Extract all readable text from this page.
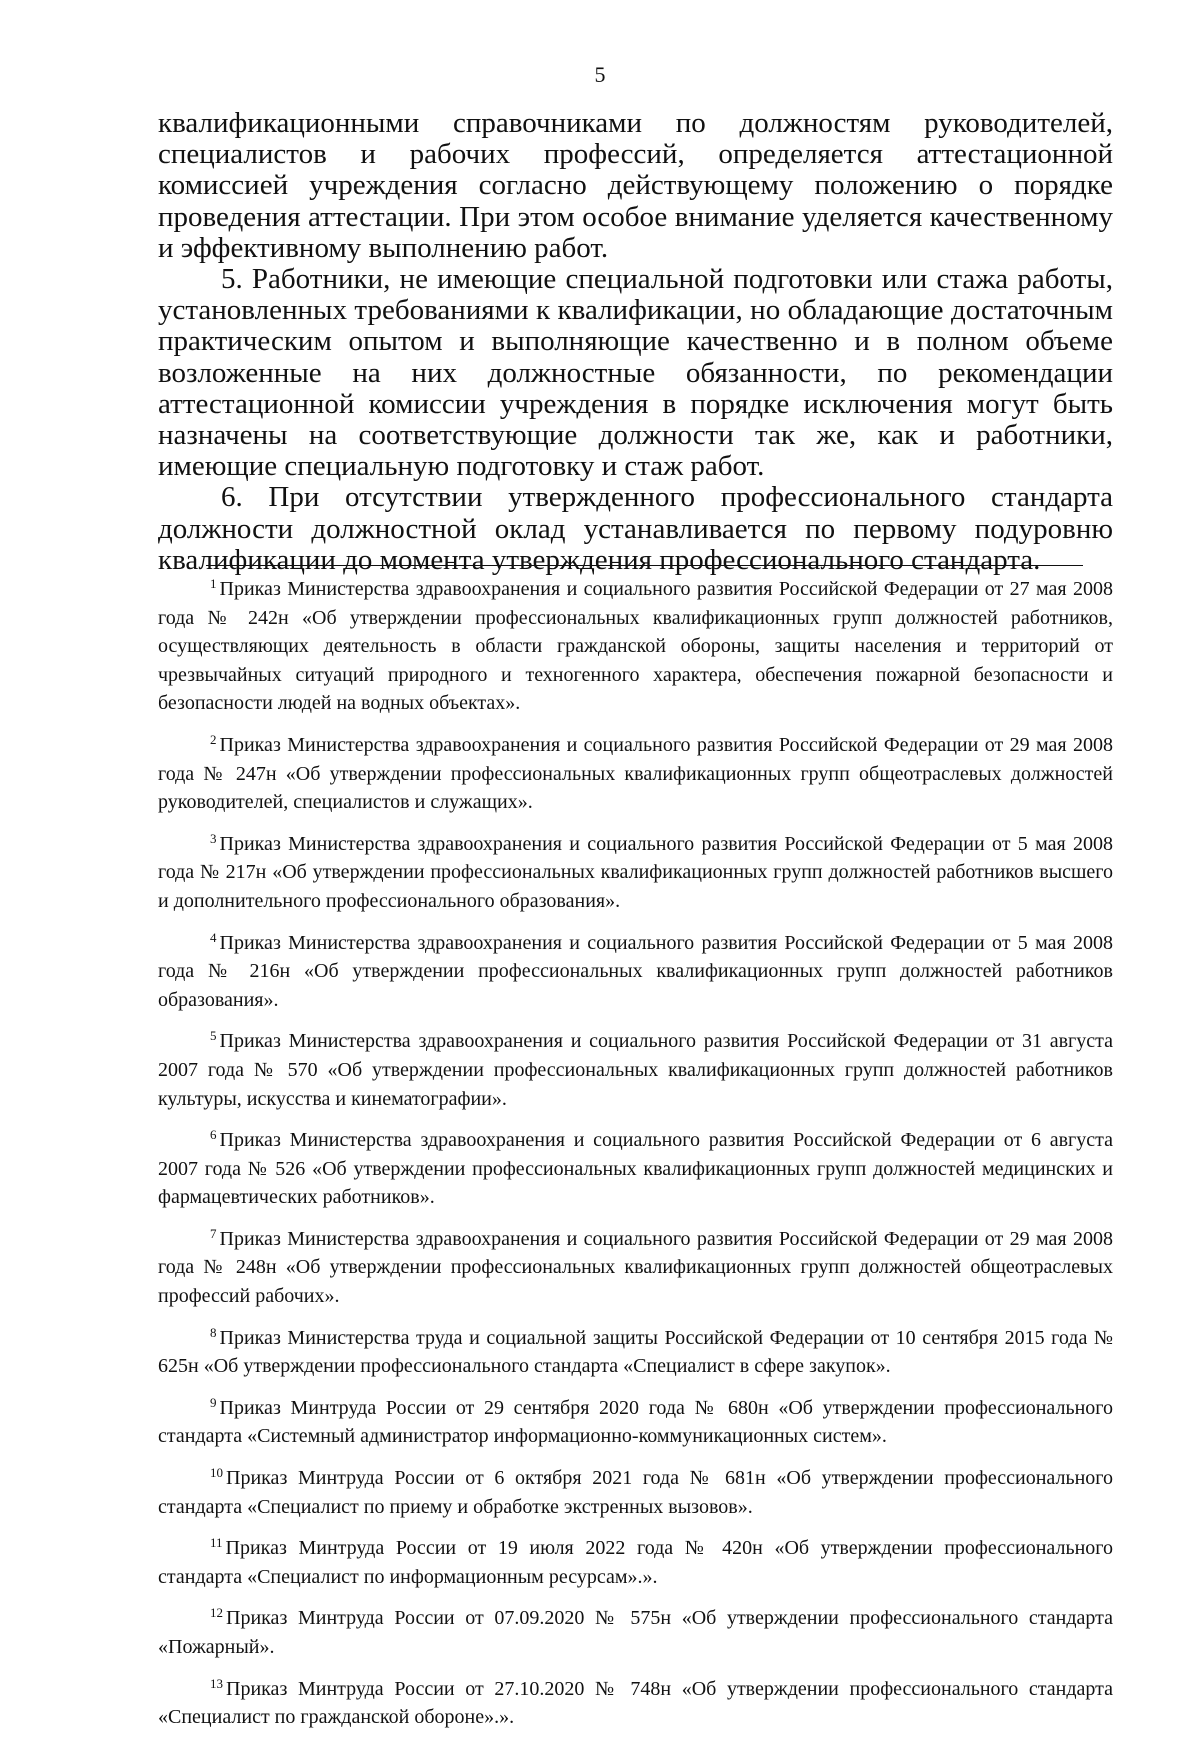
5

квалификационными справочниками по должностям руководителей, специалистов и рабочих профессий, определяется аттестационной комиссией учреждения согласно действующему положению о порядке проведения аттестации. При этом особое внимание уделяется качественному и эффективному выполнению работ.

5. Работники, не имеющие специальной подготовки или стажа работы, установленных требованиями к квалификации, но обладающие достаточным практическим опытом и выполняющие качественно и в полном объеме возложенные на них должностные обязанности, по рекомендации аттестационной комиссии учреждения в порядке исключения могут быть назначены на соответствующие должности так же, как и работники, имеющие специальную подготовку и стаж работ.

6. При отсутствии утвержденного профессионального стандарта должности должностной оклад устанавливается по первому подуровню квалификации до момента утверждения профессионального стандарта.

$^1$ Приказ Министерства здравоохранения и социального развития Российской Федерации от 27 мая 2008 года № 242н «Об утверждении профессиональных квалификационных групп должностей работников, осуществляющих деятельность в области гражданской обороны, защиты населения и территорий от чрезвычайных ситуаций природного и техногенного характера, обеспечения пожарной безопасности и безопасности людей на водных объектах».

$^2$ Приказ Министерства здравоохранения и социального развития Российской Федерации от 29 мая 2008 года № 247н «Об утверждении профессиональных квалификационных групп общеотраслевых должностей руководителей, специалистов и служащих».

$^3$ Приказ Министерства здравоохранения и социального развития Российской Федерации от 5 мая 2008 года № 217н «Об утверждении профессиональных квалификационных групп должностей работников высшего и дополнительного профессионального образования».

$^4$ Приказ Министерства здравоохранения и социального развития Российской Федерации от 5 мая 2008 года № 216н «Об утверждении профессиональных квалификационных групп должностей работников образования».

$^5$ Приказ Министерства здравоохранения и социального развития Российской Федерации от 31 августа 2007 года № 570 «Об утверждении профессиональных квалификационных групп должностей работников культуры, искусства и кинематографии».

$^6$ Приказ Министерства здравоохранения и социального развития Российской Федерации от 6 августа 2007 года № 526 «Об утверждении профессиональных квалификационных групп должностей медицинских и фармацевтических работников».

$^7$ Приказ Министерства здравоохранения и социального развития Российской Федерации от 29 мая 2008 года № 248н «Об утверждении профессиональных квалификационных групп должностей общеотраслевых профессий рабочих».

$^8$ Приказ Министерства труда и социальной защиты Российской Федерации от 10 сентября 2015 года № 625н «Об утверждении профессионального стандарта «Специалист в сфере закупок».

$^9$ Приказ Минтруда России от 29 сентября 2020 года № 680н «Об утверждении профессионального стандарта «Системный администратор информационно-коммуникационных систем».

$^{10}$ Приказ Минтруда России от 6 октября 2021 года № 681н «Об утверждении профессионального стандарта «Специалист по приему и обработке экстренных вызовов».

$^{11}$ Приказ Минтруда России от 19 июля 2022 года № 420н «Об утверждении профессионального стандарта «Специалист по информационным ресурсам».».

$^{12}$ Приказ Минтруда России от 07.09.2020 № 575н «Об утверждении профессионального стандарта «Пожарный».

$^{13}$ Приказ Минтруда России от 27.10.2020 № 748н «Об утверждении профессионального стандарта «Специалист по гражданской обороне».».
